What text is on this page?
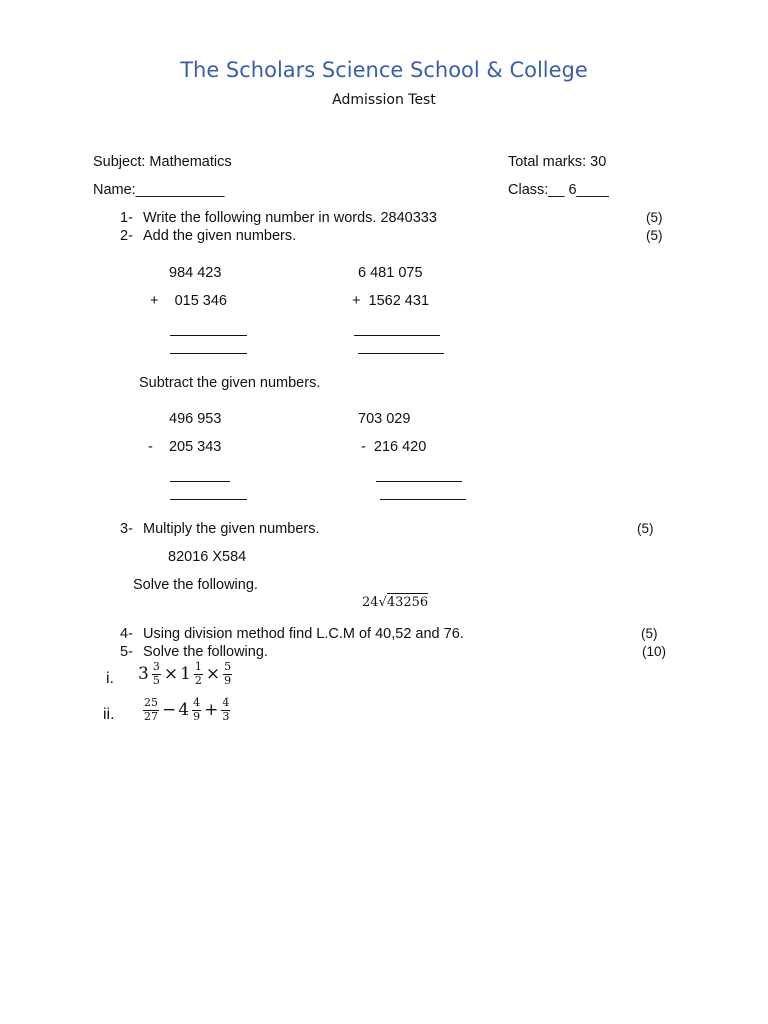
The Scholars Science School & College
Admission Test
Subject: Mathematics	Total marks: 30
Name:___________	Class:__ 6____
1- Write the following number in words. 2840333	(5)
2- Add the given numbers.	(5)
984 423	6 481 075
+    015 346	+  1562 431
Subtract the given numbers.
496 953	703 029
-    205 343	-  216 420
3- Multiply the given numbers.	(5)
82016 X584
Solve the following.
24√43256
4- Using division method find L.C.M of 40,52 and 76.	(5)
5- Solve the following.	(10)
i. $3 \frac{3}{5} \times 1 \frac{1}{2} \times \frac{5}{9}$
ii.	$\frac{25}{27} - 4 \frac{4}{9} + \frac{4}{3}$
